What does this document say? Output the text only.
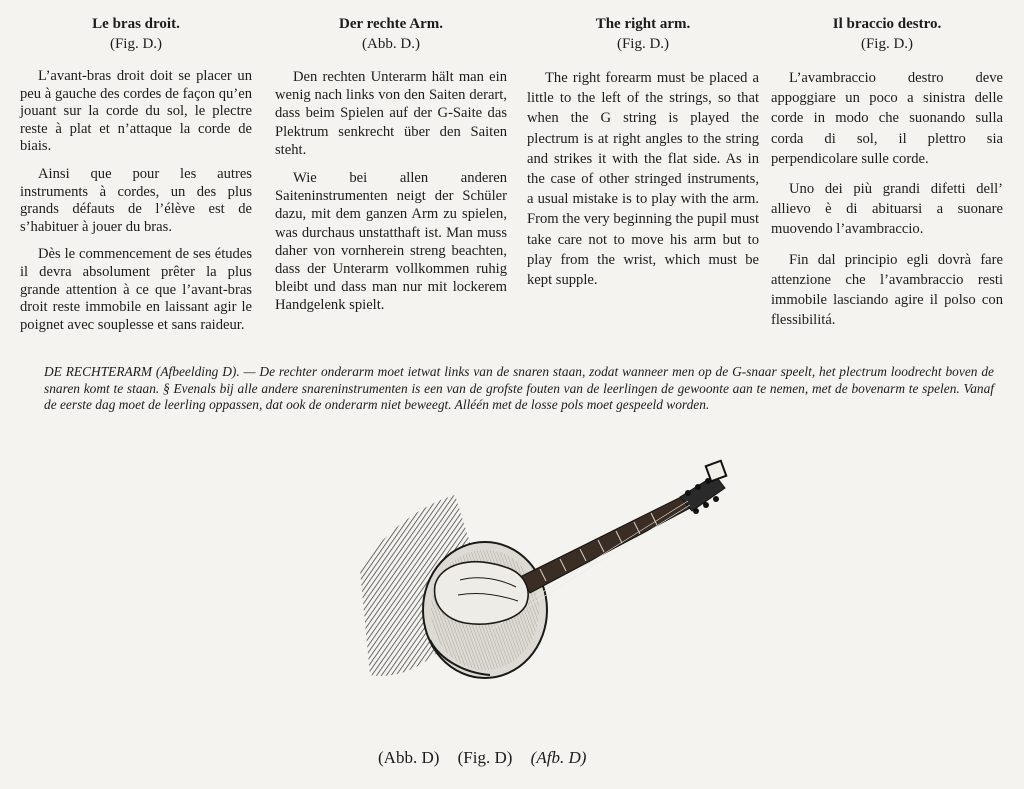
Le bras droit.
(Fig. D.)

L’avant-bras droit doit se placer un peu à gauche des cordes de façon qu’en jouant sur la corde du sol, le plectre reste à plat et n’attaque la corde de biais.

Ainsi que pour les autres instruments à cordes, un des plus grands défauts de l’élève est de s’habituer à jouer du bras.

Dès le commencement de ses études il devra absolument prêter la plus grande attention à ce que l’avant-bras droit reste immobile en laissant agir le poignet avec souplesse et sans raideur.

Der rechte Arm.
(Abb. D.)

Den rechten Unterarm hält man ein wenig nach links von den Saiten derart, dass beim Spielen auf der G-Saite das Plektrum senkrecht über den Saiten steht.

Wie bei allen anderen Saiteninstrumenten neigt der Schüler dazu, mit dem ganzen Arm zu spielen, was durchaus unstatthaft ist. Man muss daher von vornherein streng beachten, dass der Unterarm vollkommen ruhig bleibt und dass man nur mit lockerem Handgelenk spielt.

The right arm.
(Fig. D.)

The right forearm must be placed a little to the left of the strings, so that when the G string is played the plectrum is at right angles to the string and strikes it with the flat side. As in the case of other stringed instruments, a usual mistake is to play with the arm. From the very beginning the pupil must take care not to move his arm but to play from the wrist, which must be kept supple.

Il braccio destro.
(Fig. D.)

L’avambraccio destro deve appoggiare un poco a sinistra delle corde in modo che suonando sulla corda di sol, il plettro sia perpendicolare sulle corde.

Uno dei più grandi difetti dell’ allievo è di abituarsi a suonare muovendo l’avambraccio.

Fin dal principio egli dovrà fare attenzione che l’avambraccio resti immobile lasciando agire il polso con flessibilitá.

DE RECHTERARM (Afbeelding D). — De rechter onderarm moet ietwat links van de snaren staan, zodat wanneer men op de G-snaar speelt, het plectrum loodrecht boven de snaren komt te staan. § Evenals bij alle andere snareninstrumenten is een van de grofste fouten van de leerlingen de gewoonte aan te nemen, met de bovenarm te spelen. Vanaf de eerste dag moet de leerling oppassen, dat ook de onderarm niet beweegt. Alléén met de losse pols moet gespeeld worden.
(Abb. D) (Fig. D) (Afb. D)
